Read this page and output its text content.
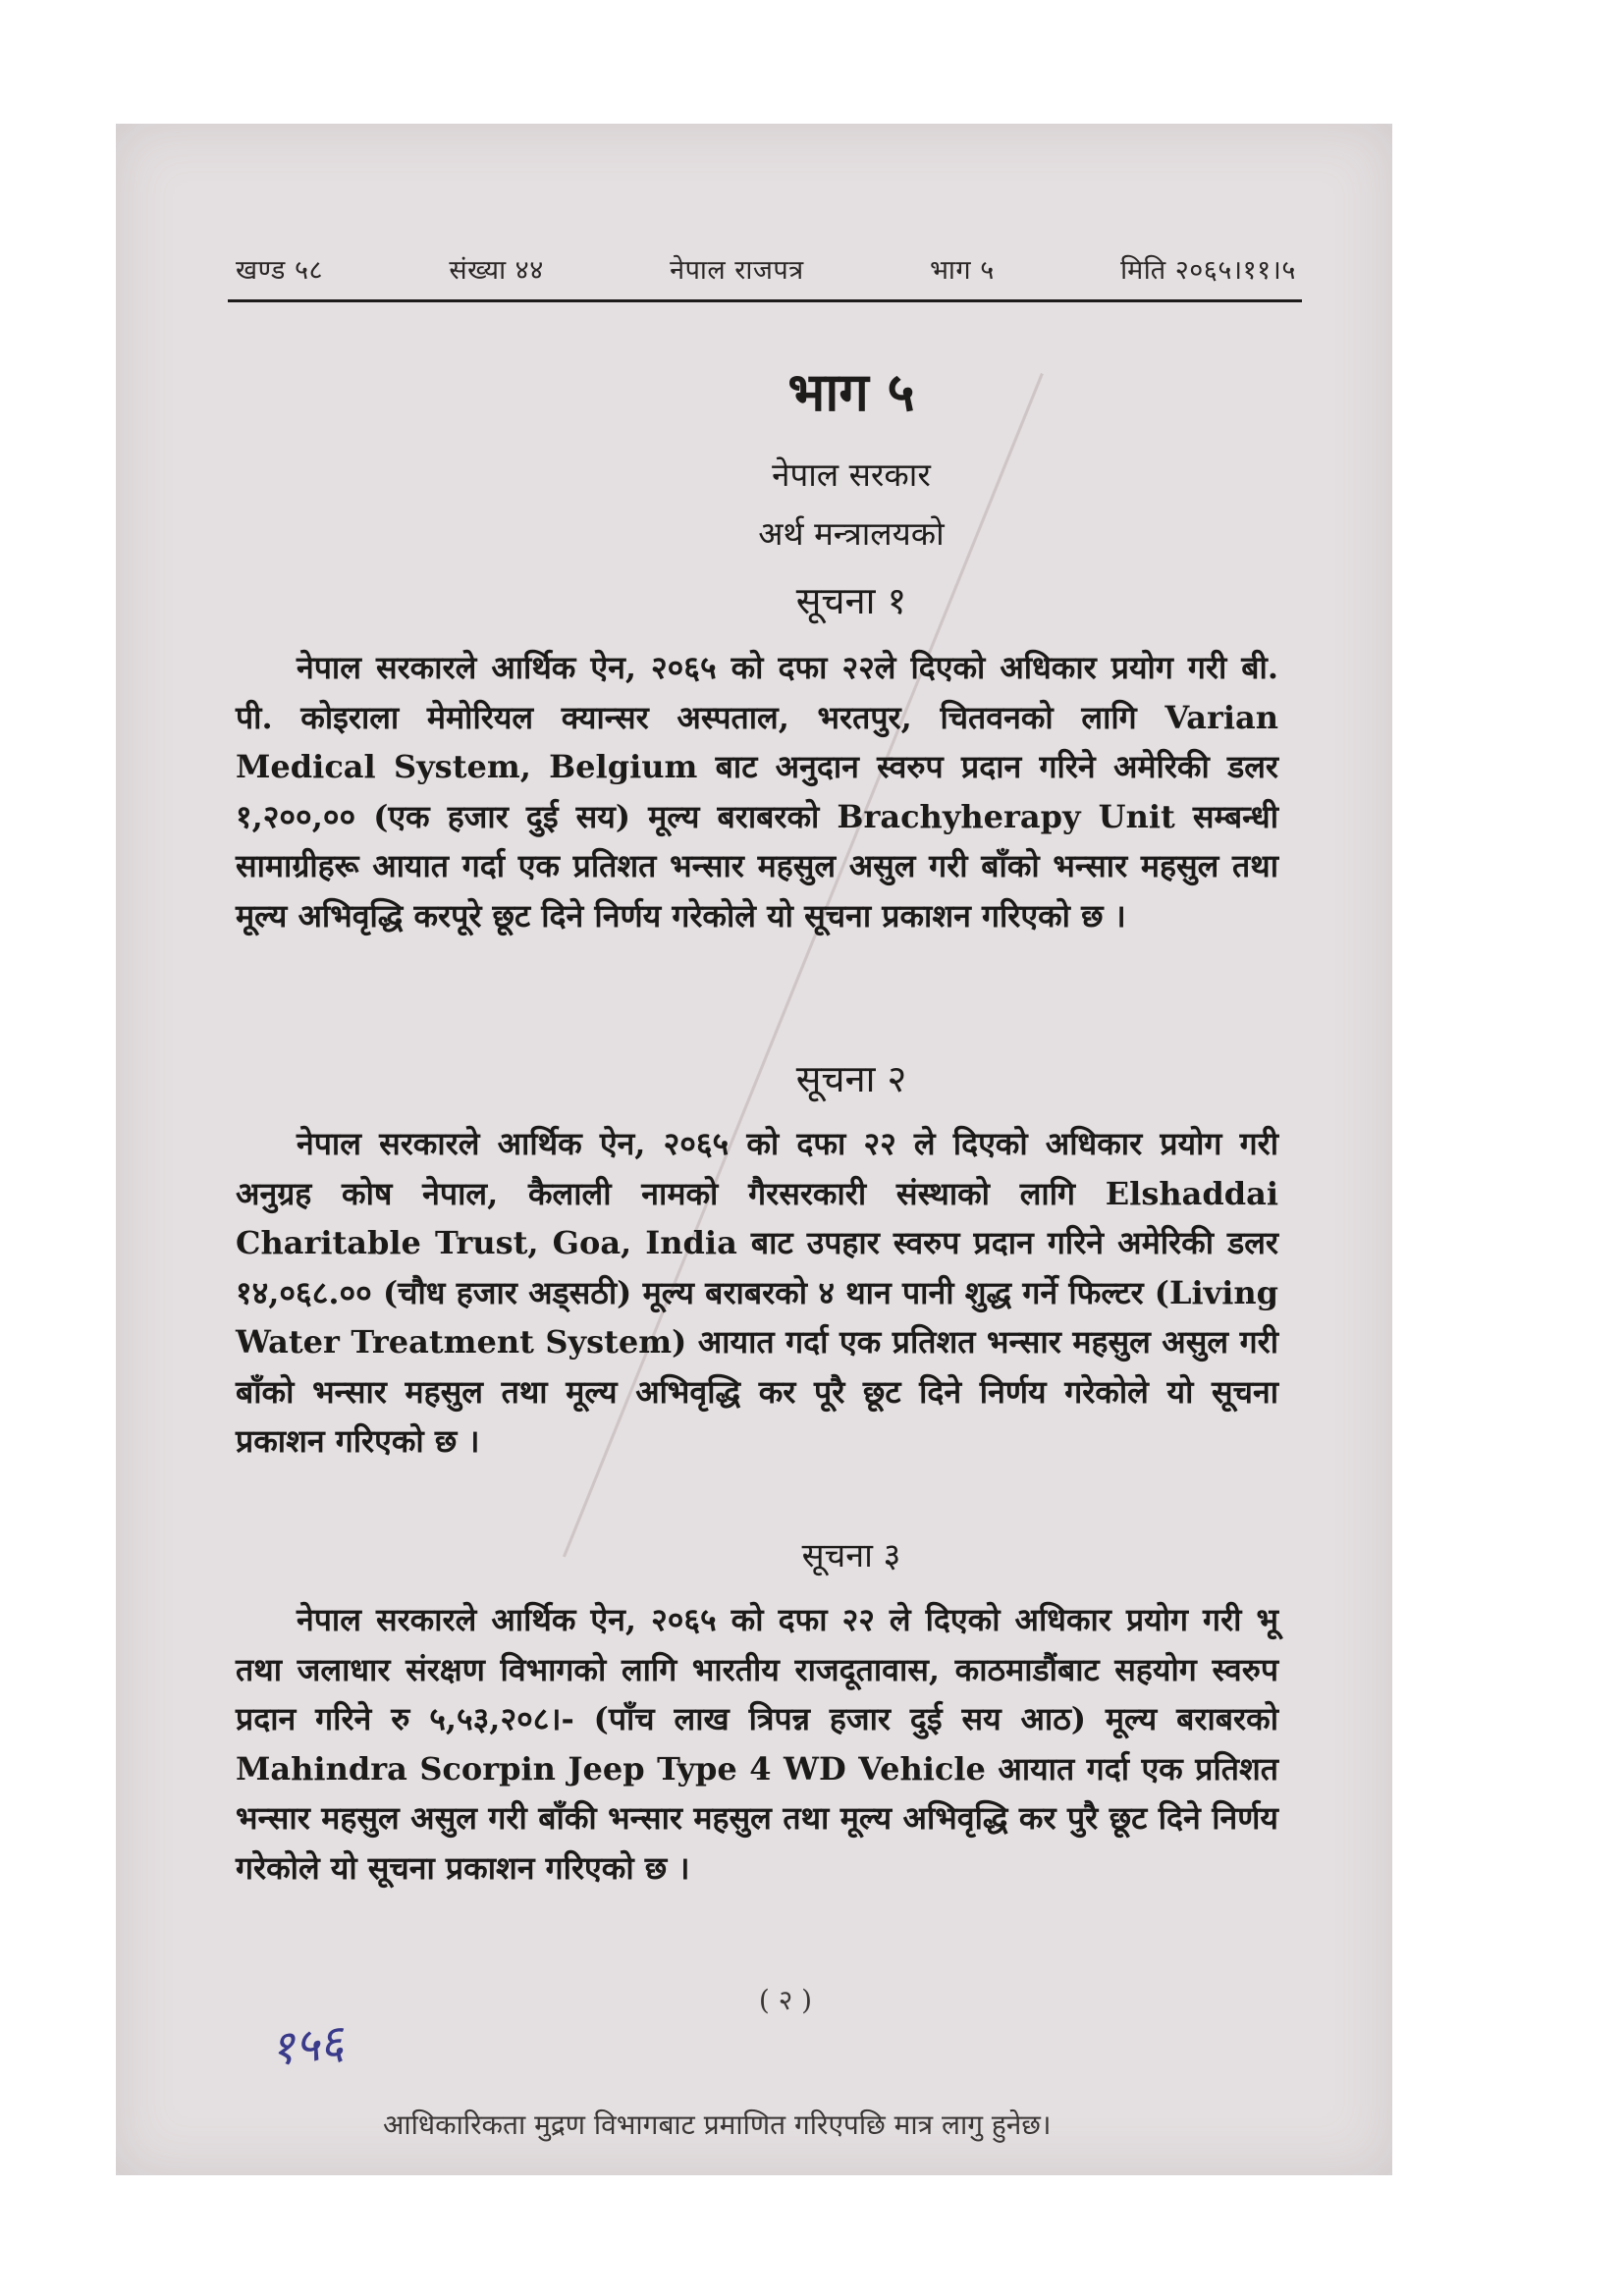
खण्ड ५८	संख्या ४४	नेपाल राजपत्र	भाग ५	मिति २०६५।११।५
भाग ५
नेपाल सरकार
अर्थ मन्त्रालयको
सूचना १
नेपाल सरकारले आर्थिक ऐन, २०६५ को दफा २२ले दिएको अधिकार प्रयोग गरी बी. पी. कोइराला मेमोरियल क्यान्सर अस्पताल, भरतपुर, चितवनको लागि Varian Medical System, Belgium बाट अनुदान स्वरुप प्रदान गरिने अमेरिकी डलर १,२००,०० (एक हजार दुई सय) मूल्य बराबरको Brachyherapy Unit सम्बन्धी सामाग्रीहरू आयात गर्दा एक प्रतिशत भन्सार महसुल असुल गरी बाँको भन्सार महसुल तथा मूल्य अभिवृद्धि करपूरे छूट दिने निर्णय गरेकोले यो सूचना प्रकाशन गरिएको छ ।
सूचना २
नेपाल सरकारले आर्थिक ऐन, २०६५ को दफा २२ ले दिएको अधिकार प्रयोग गरी अनुग्रह कोष नेपाल, कैलाली नामको गैरसरकारी संस्थाको लागि Elshaddai Charitable Trust, Goa, India बाट उपहार स्वरुप प्रदान गरिने अमेरिकी डलर १४,०६८.०० (चौध हजार अड्सठी) मूल्य बराबरको ४ थान पानी शुद्ध गर्ने फिल्टर (Living Water Treatment System) आयात गर्दा एक प्रतिशत भन्सार महसुल असुल गरी बाँको भन्सार महसुल तथा मूल्य अभिवृद्धि कर पूरै छूट दिने निर्णय गरेकोले यो सूचना प्रकाशन गरिएको छ ।
सूचना ३
नेपाल सरकारले आर्थिक ऐन, २०६५ को दफा २२ ले दिएको अधिकार प्रयोग गरी भू तथा जलाधार संरक्षण विभागको लागि भारतीय राजदूतावास, काठमाडौंबाट सहयोग स्वरुप प्रदान गरिने रु ५,५३,२०८।- (पाँच लाख त्रिपन्न हजार दुई सय आठ) मूल्य बराबरको Mahindra Scorpin Jeep Type 4 WD Vehicle आयात गर्दा एक प्रतिशत भन्सार महसुल असुल गरी बाँकी भन्सार महसुल तथा मूल्य अभिवृद्धि कर पुरै छूट दिने निर्णय गरेकोले यो सूचना प्रकाशन गरिएको छ ।
( २ )
१५६
आधिकारिकता मुद्रण विभागबाट प्रमाणित गरिएपछि मात्र लागु हुनेछ।
